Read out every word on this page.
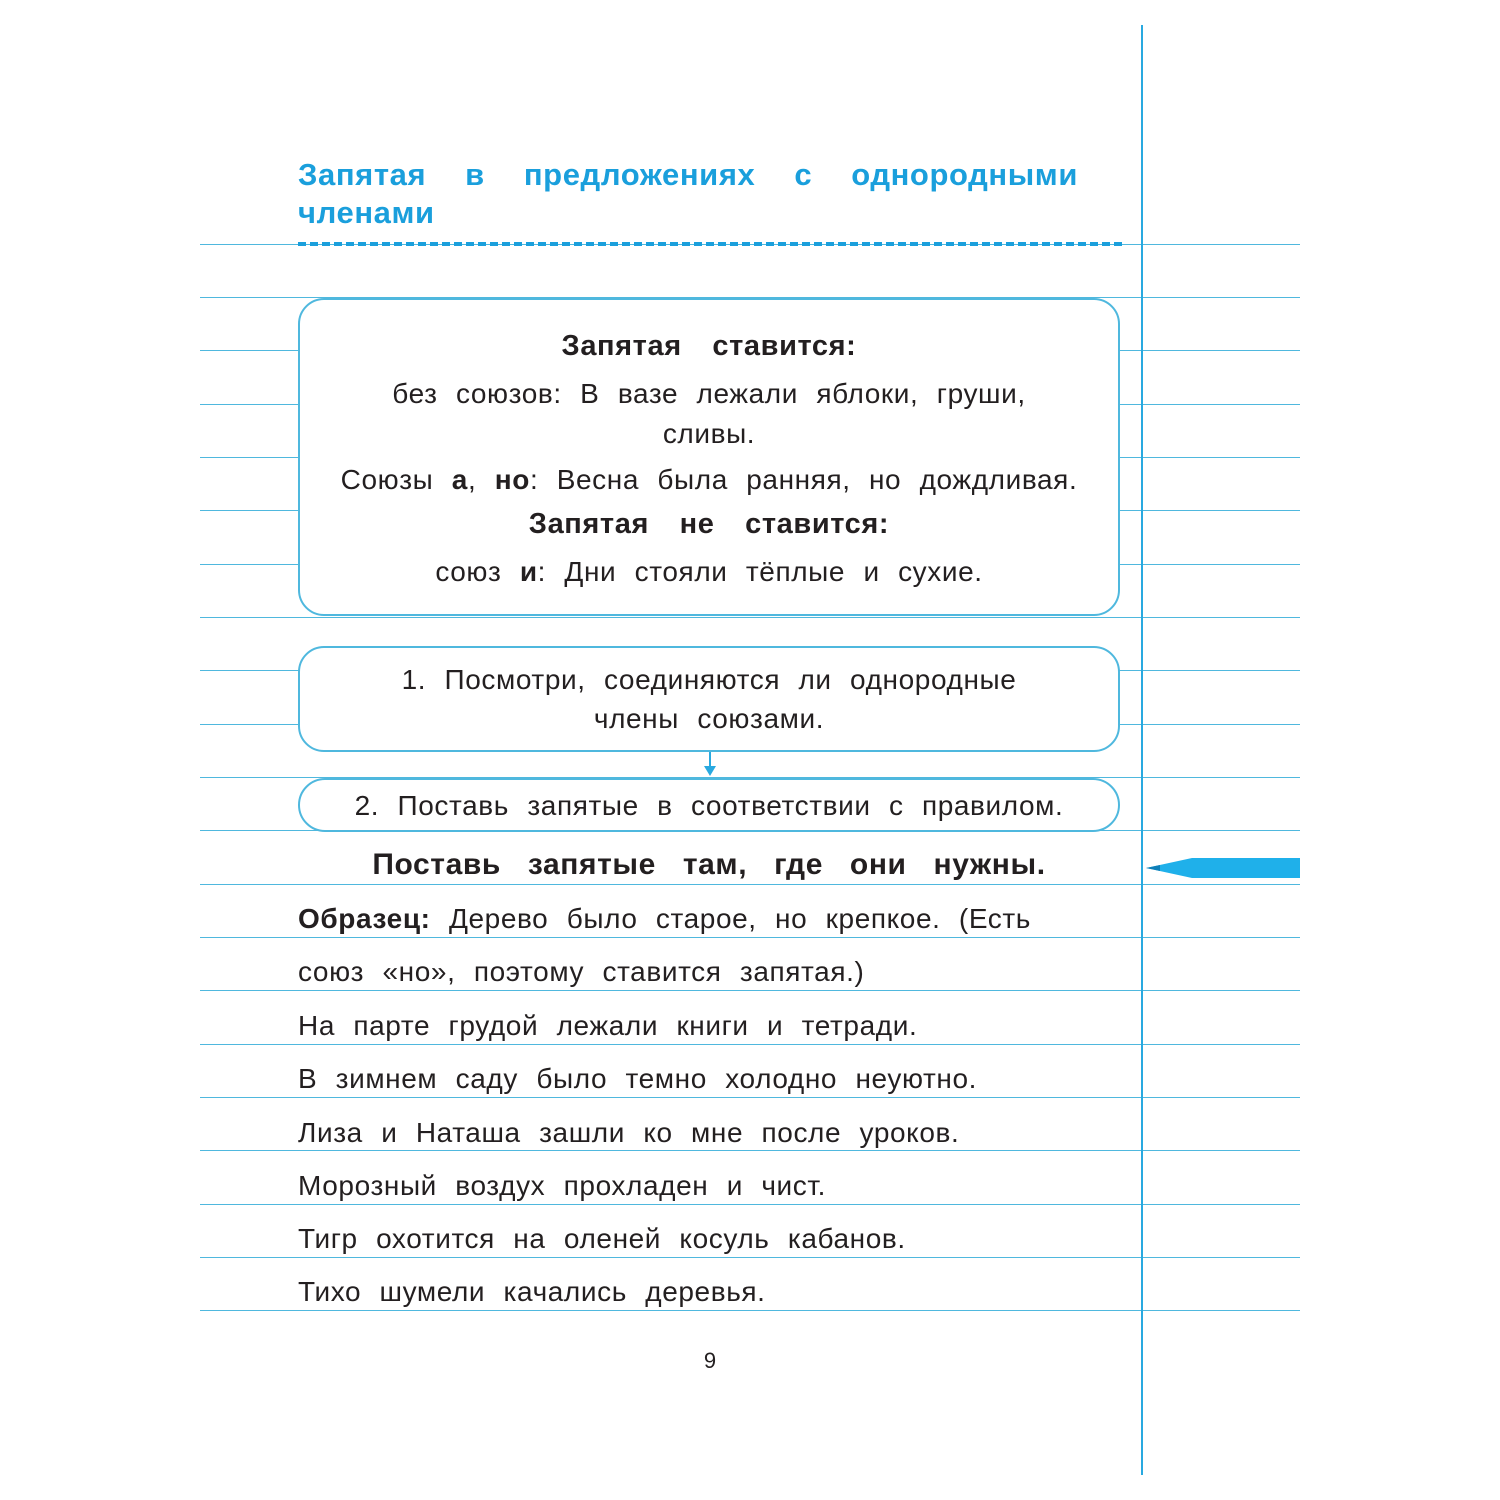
Запятая в предложениях с однородными членами
Запятая ставится:
без союзов: В вазе лежали яблоки, груши,
сливы.
Союзы а, но: Весна была ранняя, но дождливая.
Запятая не ставится:
союз и: Дни стояли тёплые и сухие.
1. Посмотри, соединяются ли однородные
члены союзами.
2. Поставь запятые в соответствии с правилом.
Поставь запятые там, где они нужны.
Образец: Дерево было старое, но крепкое. (Есть
союз «но», поэтому ставится запятая.)
На парте грудой лежали книги и тетради.
В зимнем саду было темно холодно неуютно.
Лиза и Наташа зашли ко мне после уроков.
Морозный воздух прохладен и чист.
Тигр охотится на оленей косуль кабанов.
Тихо шумели качались деревья.
9
